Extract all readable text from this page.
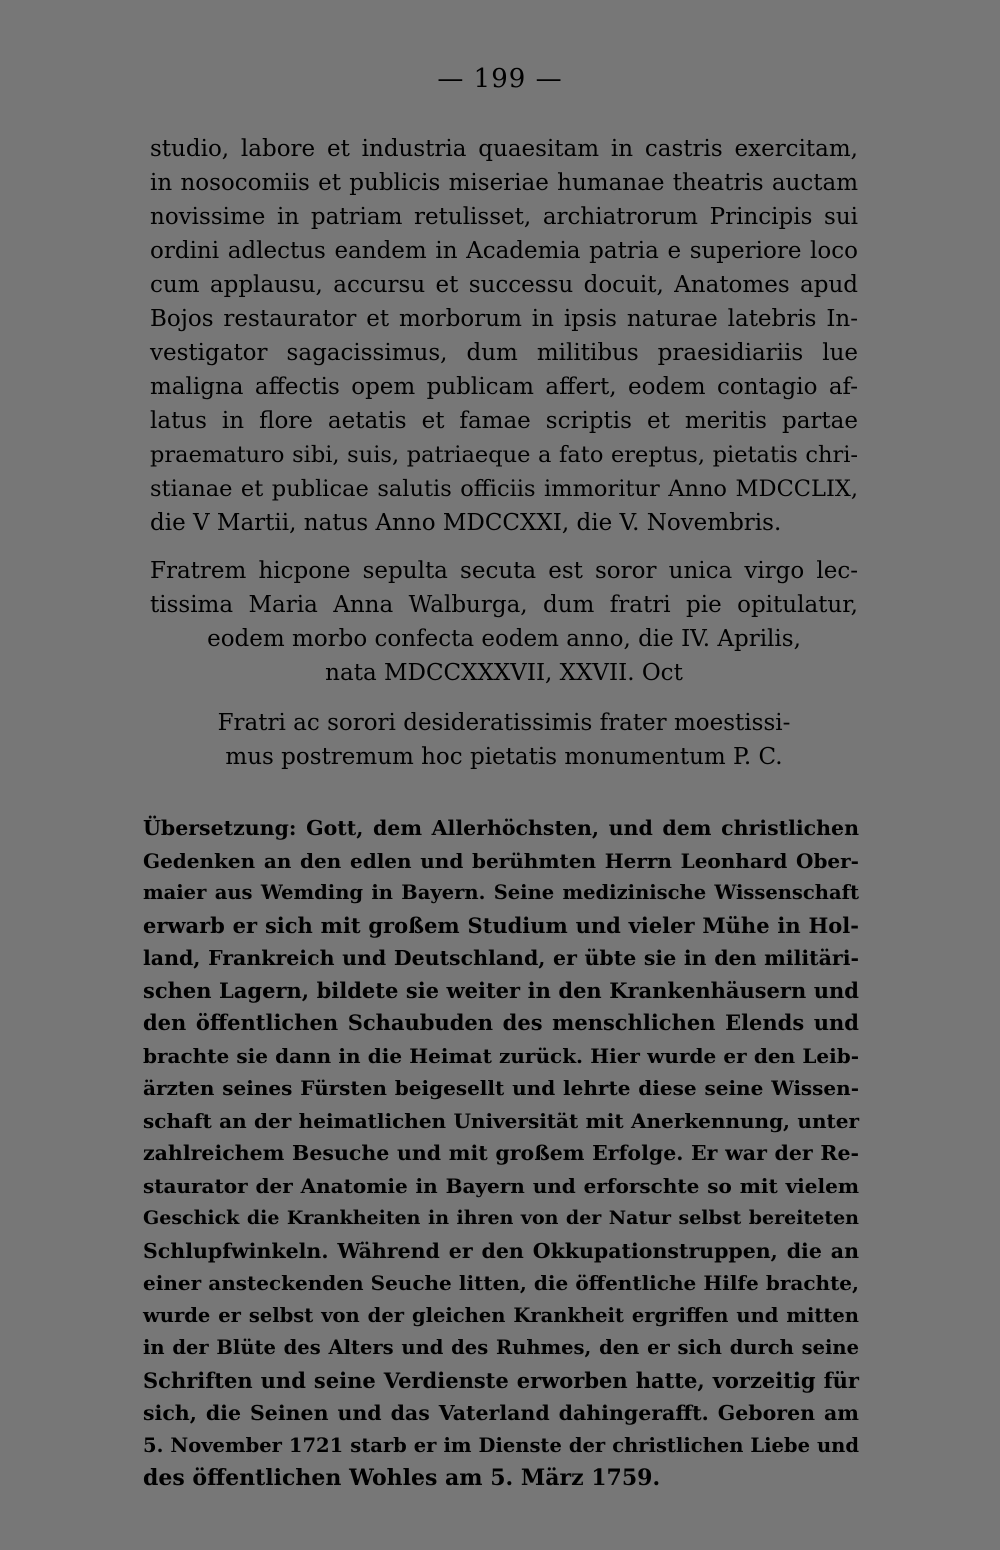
— 199 —
studio, labore et industria quaesitam in castris exercitam,
in nosocomiis et publicis miseriae humanae theatris auctam
novissime in patriam retulisset, archiatrorum Principis sui
ordini adlectus eandem in Academia patria e superiore loco
cum applausu, accursu et successu docuit, Anatomes apud
Bojos restaurator et morborum in ipsis naturae latebris In-
vestigator sagacissimus, dum militibus praesidiariis lue
maligna affectis opem publicam affert, eodem contagio af-
latus in flore aetatis et famae scriptis et meritis partae
praematuro sibi, suis, patriaeque a fato ereptus, pietatis chri-
stianae et publicae salutis officiis immoritur Anno MDCCLIX,
die V Martii, natus Anno MDCCXXI, die V. Novembris.
Fratrem hicpone sepulta secuta est soror unica virgo lec-
tissima Maria Anna Walburga, dum fratri pie opitulatur,
eodem morbo confecta eodem anno, die IV. Aprilis,
nata MDCCXXXVII, XXVII. Oct
Fratri ac sorori desideratissimis frater moestissi-
mus postremum hoc pietatis monumentum P. C.
Übersetzung: Gott, dem Allerhöchsten, und dem christlichen
Gedenken an den edlen und berühmten Herrn Leonhard Ober-
maier aus Wemding in Bayern. Seine medizinische Wissenschaft
erwarb er sich mit großem Studium und vieler Mühe in Hol-
land, Frankreich und Deutschland, er übte sie in den militäri-
schen Lagern, bildete sie weiter in den Krankenhäusern und
den öffentlichen Schaubuden des menschlichen Elends und
brachte sie dann in die Heimat zurück. Hier wurde er den Leib-
ärzten seines Fürsten beigesellt und lehrte diese seine Wissen-
schaft an der heimatlichen Universität mit Anerkennung, unter
zahlreichem Besuche und mit großem Erfolge. Er war der Re-
staurator der Anatomie in Bayern und erforschte so mit vielem
Geschick die Krankheiten in ihren von der Natur selbst bereiteten
Schlupfwinkeln. Während er den Okkupationstruppen, die an
einer ansteckenden Seuche litten, die öffentliche Hilfe brachte,
wurde er selbst von der gleichen Krankheit ergriffen und mitten
in der Blüte des Alters und des Ruhmes, den er sich durch seine
Schriften und seine Verdienste erworben hatte, vorzeitig für
sich, die Seinen und das Vaterland dahingerafft. Geboren am
5. November 1721 starb er im Dienste der christlichen Liebe und
des öffentlichen Wohles am 5. März 1759.
